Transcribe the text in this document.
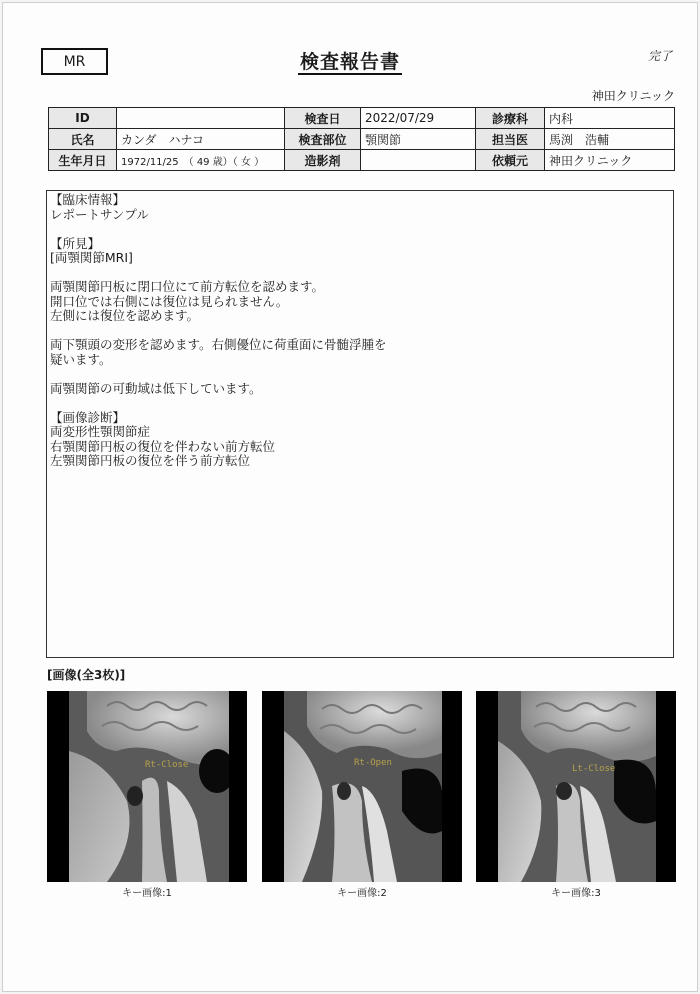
MR	検査報告書	完了
神田クリニック
ID		検査日	2022/07/29	診療科	内科
氏名	カンダ　ハナコ	検査部位	顎関節	担当医	馬渕　浩輔
生年月日	1972/11/25　（ 49 歳）（ 女 ）	造影剤		依頼元	神田クリニック

【臨床情報】

レポートサンプル

【所見】

[両顎関節MRI]

両顎関節円板に閉口位にて前方転位を認めます。

開口位では右側には復位は見られません。

左側には復位を認めます。

両下顎頭の変形を認めます。右側優位に荷重面に骨髄浮腫を

疑います。

両顎関節の可動域は低下しています。

【画像診断】

両変形性顎関節症

右顎関節円板の復位を伴わない前方転位

左顎関節円板の復位を伴う前方転位

[画像(全3枚)]
Rt-Close
キー画像:1
Rt-Open
キー画像:2
Lt-Close
キー画像:3
